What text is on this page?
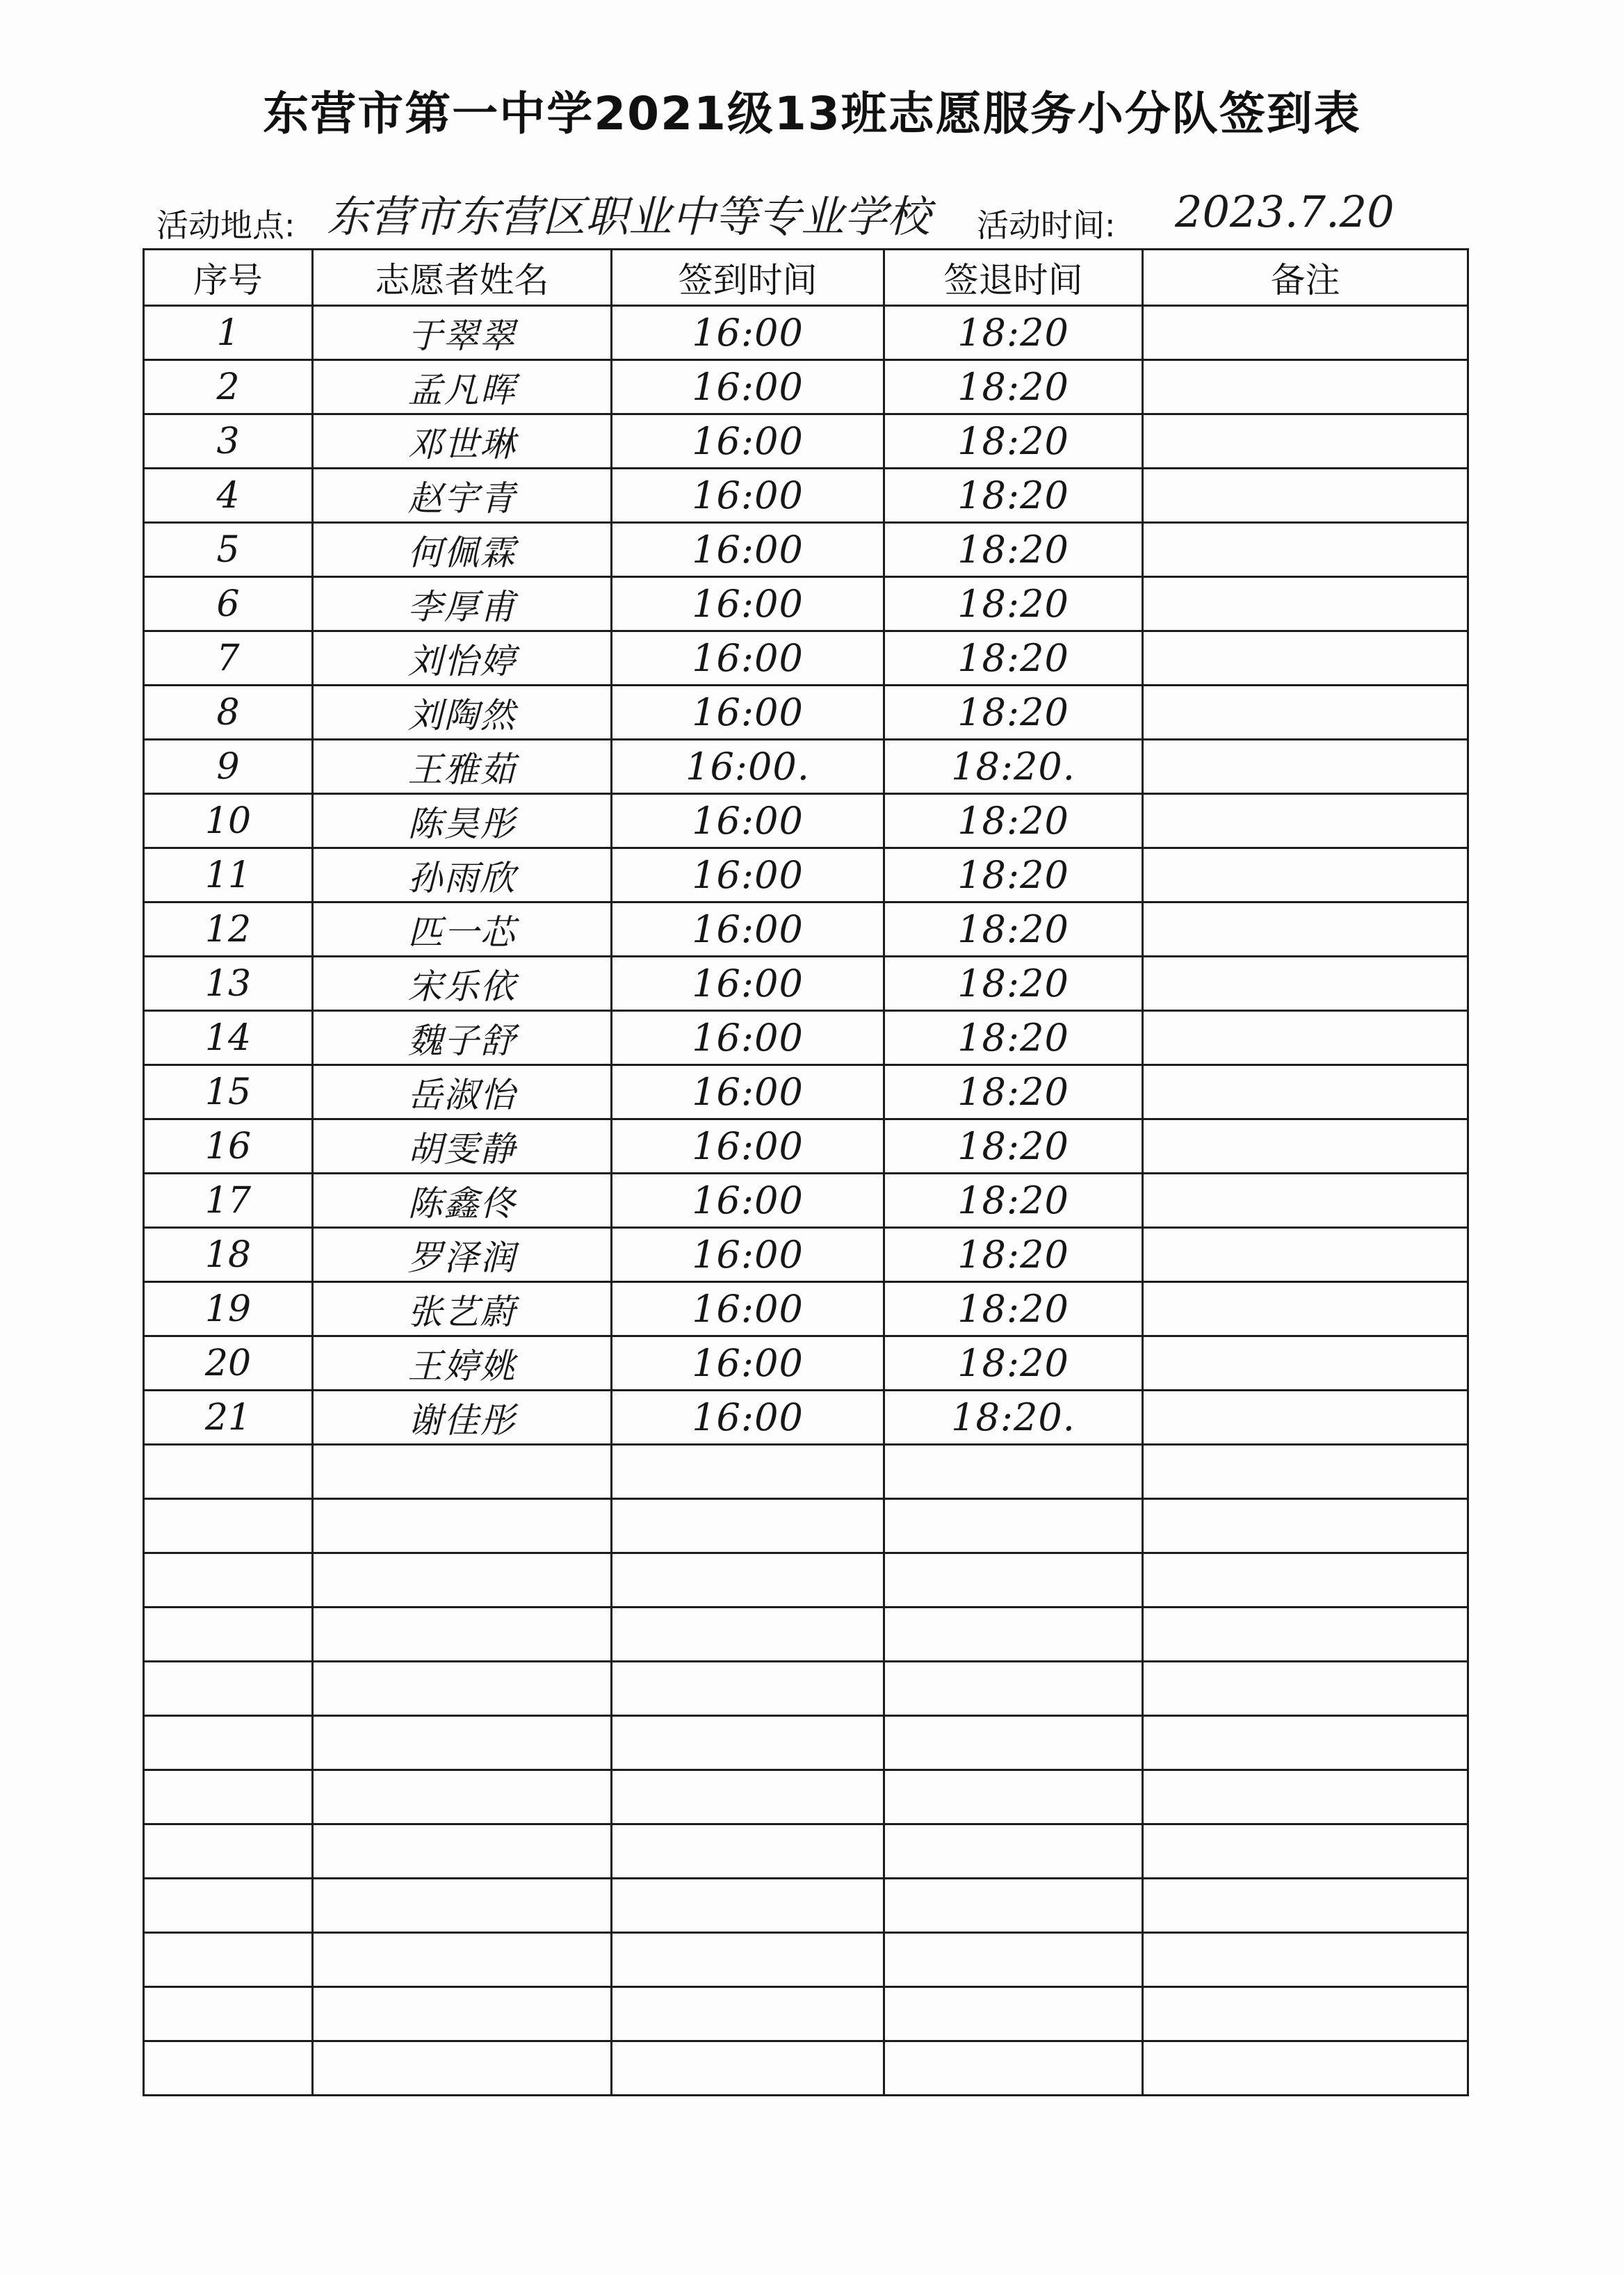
东营市第一中学2021级13班志愿服务小分队签到表
活动地点: 东营市东营区职业中等专业学校 活动时间: 2023.7.20
序号	志愿者姓名	签到时间	签退时间	备注
1	于翠翠	16:00	18:20	
2	孟凡晖	16:00	18:20	
3	邓世琳	16:00	18:20	
4	赵宇青	16:00	18:20	
5	何佩霖	16:00	18:20	
6	李厚甫	16:00	18:20	
7	刘怡婷	16:00	18:20	
8	刘陶然	16:00	18:20	
9	王雅茹	16:00.	18:20.	
10	陈昊彤	16:00	18:20	
11	孙雨欣	16:00	18:20	
12	匹一芯	16:00	18:20	
13	宋乐依	16:00	18:20	
14	魏子舒	16:00	18:20	
15	岳淑怡	16:00	18:20	
16	胡雯静	16:00	18:20	
17	陈鑫佟	16:00	18:20	
18	罗泽润	16:00	18:20	
19	张艺蔚	16:00	18:20	
20	王婷姚	16:00	18:20	
21	谢佳彤	16:00	18:20.	
